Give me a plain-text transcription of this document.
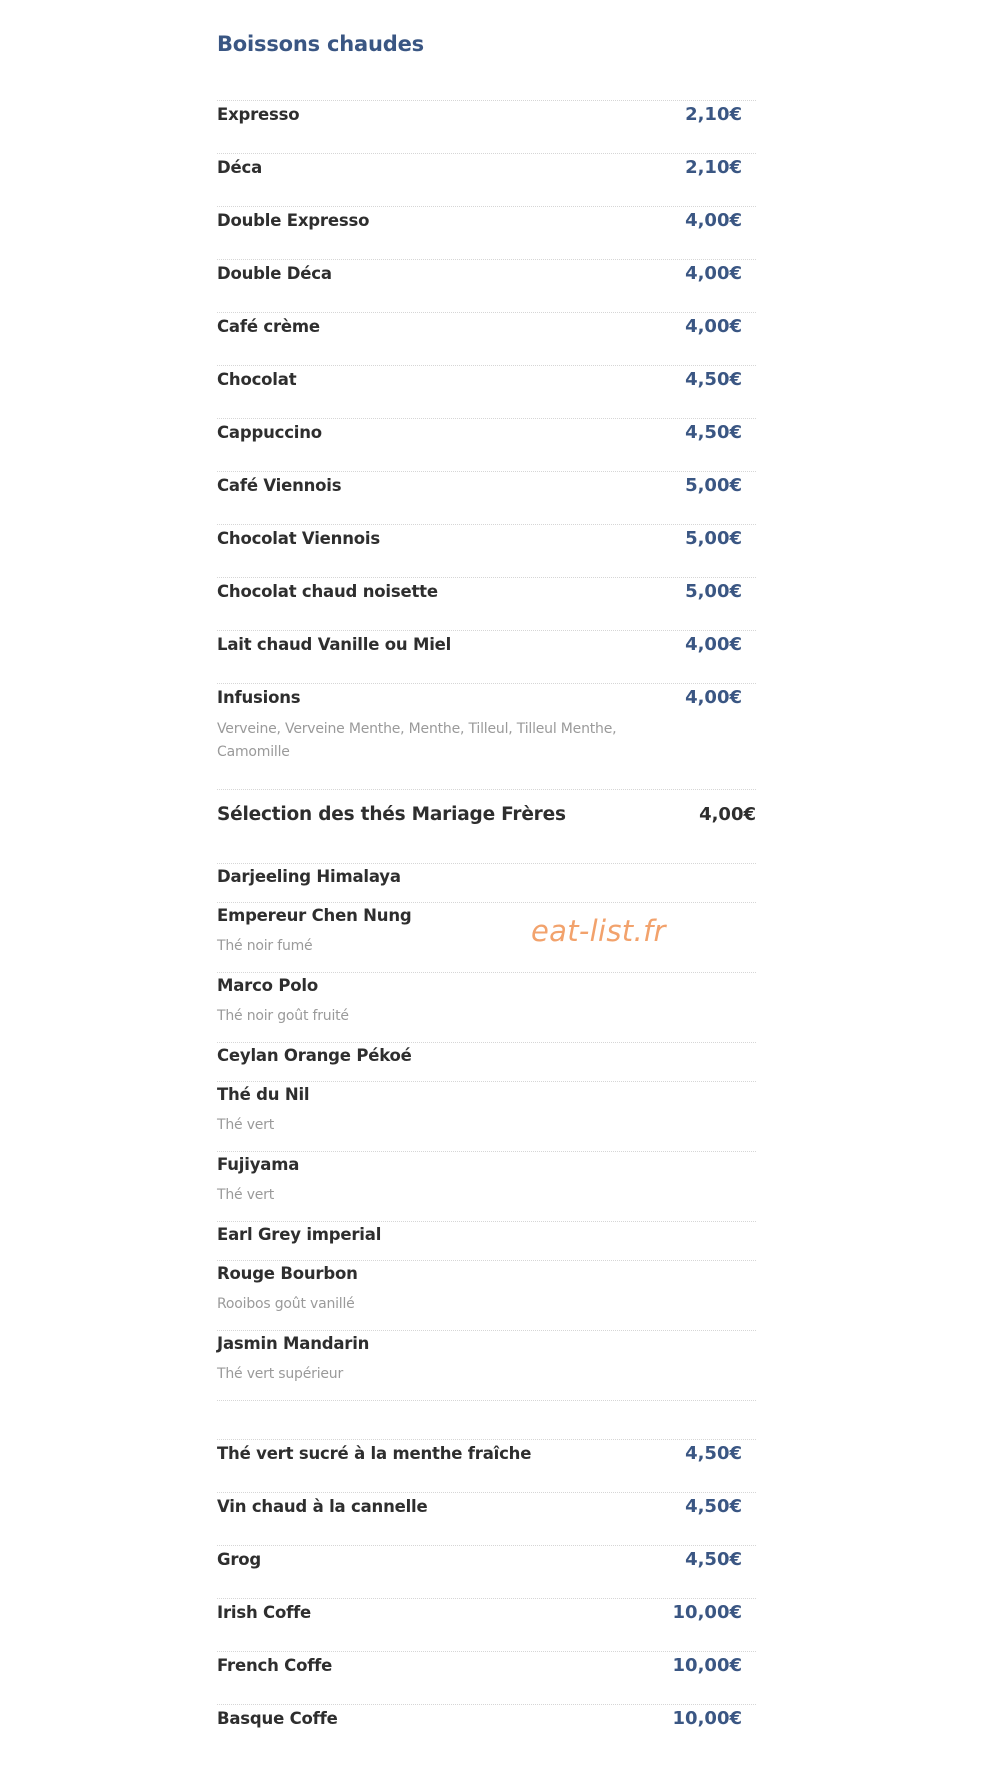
Boissons chaudes
Expresso	2,10€
Déca	2,10€
Double Expresso	4,00€
Double Déca	4,00€
Café crème	4,00€
Chocolat	4,50€
Cappuccino	4,50€
Café Viennois	5,00€
Chocolat Viennois	5,00€
Chocolat chaud noisette	5,00€
Lait chaud Vanille ou Miel	4,00€
Infusions	4,00€
Verveine, Verveine Menthe, Menthe, Tilleul, Tilleul Menthe, Camomille
Sélection des thés Mariage Frères	4,00€
Darjeeling Himalaya
Empereur Chen Nung
Thé noir fumé
Marco Polo
Thé noir goût fruité
Ceylan Orange Pékoé
Thé du Nil
Thé vert
Fujiyama
Thé vert
Earl Grey imperial
Rouge Bourbon
Rooibos goût vanillé
Jasmin Mandarin
Thé vert supérieur
Thé vert sucré à la menthe fraîche	4,50€
Vin chaud à la cannelle	4,50€
Grog	4,50€
Irish Coffe	10,00€
French Coffe	10,00€
Basque Coffe	10,00€
eat-list.fr
